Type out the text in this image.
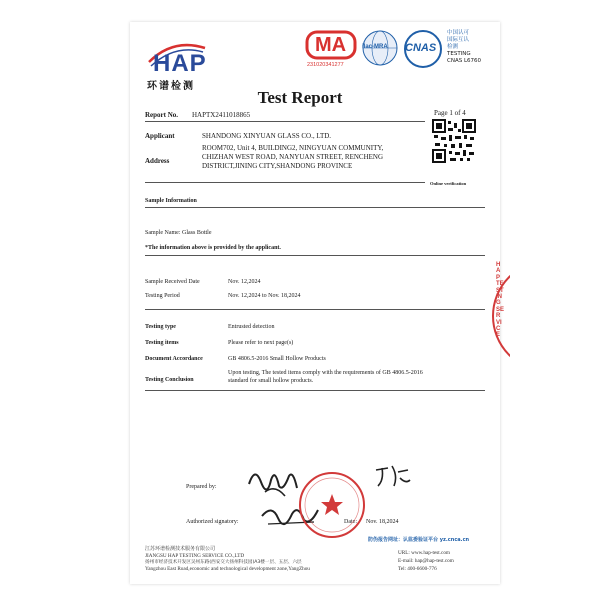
HAP
环谱检测
MA
231020341277
ilac-MRA CNAS
中国认可
国际互认
检测
TESTING
CNAS L6760
Test Report
Report No. HAPTX2411018865	Page 1 of 4
Online verification
Applicant	SHANDONG XINYUAN GLASS CO., LTD.
Address
ROOM702, Unit 4, BUILDING2, NINGYUAN COMMUNITY,
CHIZHAN WEST ROAD, NANYUAN STREET, RENCHENG
DISTRICT,JINING CITY,SHANDONG PROVINCE
Sample Information
Sample Name: Glass Bottle
*The information above is provided by the applicant.
Sample Received Date	Nov. 12,2024
Testing Period	Nov. 12,2024 to Nov. 18,2024
Testing type	Entrusted detection
Testing items	Please refer to next page(s)
Document Accordance	GB 4806.5-2016 Small Hollow Products
Testing Conclusion
Upon testing, The tested items comply with the requirements of GB 4806.5-2016
standard for small hollow products.
Prepared by:
Authorized signatory:	Date: Nov. 18,2024
HAP TESTING SERVICE
江苏环谱检测技术服务有限公司
JIANGSU HAP TESTING SERVICE CO.,LTD
扬州市经济技术开发区吴州东路(西安交大扬州科技园)A3楼一层、五层、六层
Yangzhou East Road,economic and technological development zone,YangZhou
防伪报告网址：认监委验证平台 yz.cnca.cn
URL: www.hap-test.com
E-mail: hap@hap-test.com
Tel: 400-6600-776
